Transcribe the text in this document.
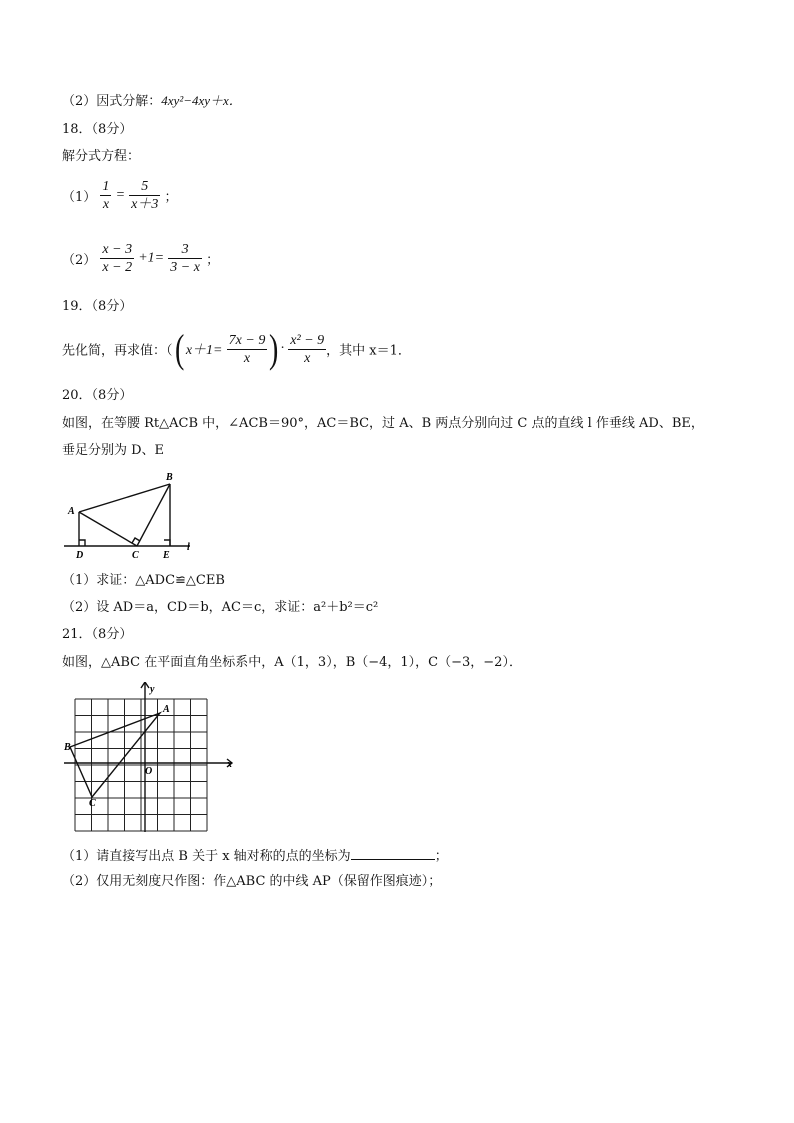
（2）因式分解：4xy²−4xy＋x．
18．（8分）
解分式方程：
$(1) \frac{1}{x} = \frac{5}{x+3}$ ；
$(2) \frac{x - 3}{x - 2} +1= \frac{3}{3 - x}$ ；
19．（8分）
先化简，再求值：（( $x+1= \frac{7x - 9}{x}$ ) · $\frac{\text{x² − 9}}{x}$ ，其中 x＝1．
20．（8分）
如图，在等腰 Rt△ACB 中，∠ACB＝90°，AC＝BC，过 A、B 两点分别向过 C 点的直线 l 作垂线 AD、BE，
垂足分别为 D、E
A
B
C
D	E
l
（1）求证：△ADC≌△CEB
（2）设 AD＝a，CD＝b，AC＝c，求证：a²＋b²＝c²
21．（8分）
如图，△ABC 在平面直角坐标系中，A（1，3），B（−4，1），C（−3，−2）．
A
B
C
O
x
y
（1）请直接写出点 B 关于 x 轴对称的点的坐标为	；
（2）仅用无刻度尺作图：作△ABC 的中线 AP（保留作图痕迹）；
